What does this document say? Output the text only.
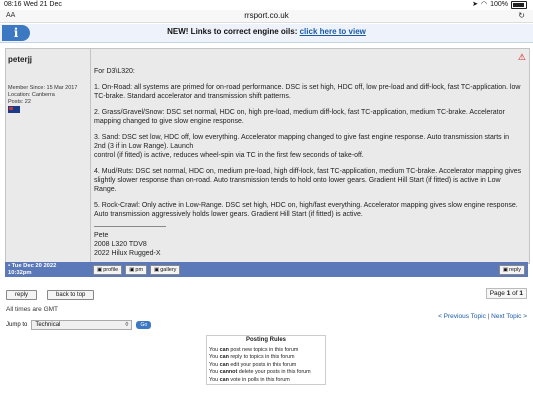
08:16 Wed 21 Dec	➤ ◠ 100%
AA	rrsport.co.uk	↻
i	NEW! Links to correct engine oils: click here to view
peterjj
Member Since: 15 Mar 2017
Location: Canberra
Posts: 22
⚠

For D3\L320:

1. On-Road: all systems are primed for on-road performance. DSC is set high, HDC off, low pre-load and diff-lock, fast TC-application. low TC-brake. Standard accelerator and transmission shift patterns.

2. Grass/Gravel/Snow: DSC set normal, HDC on, high pre-load, medium diff-lock, fast TC-application, medium TC-brake. Accelerator mapping changed to give slow engine response.

3. Sand: DSC set low, HDC off, low everything. Accelerator mapping changed to give fast engine response. Auto transmission starts in 2nd (3 if in Low Range). Launch
control (if fitted) is active, reduces wheel-spin via TC in the first few seconds of take-off.

4. Mud/Ruts: DSC set normal, HDC on, medium pre-load, high diff-lock, fast TC-application, medium TC-brake. Accelerator mapping gives slightly slower response than on-road. Auto transmission tends to hold onto lower gears. Gradient Hill Start (if fitted) is active in Low Range.

5. Rock-Crawl: Only active in Low-Range. DSC set high, HDC on, high/fast everything. Accelerator mapping gives slow engine response. Auto transmission aggressively holds lower gears. Gradient Hill Start (if fitted) is active.

Pete
2008 L320 TDV8
2022 Hilux Rugged-X
▪ Tue Dec 20 2022
10:32pm	▣ profile ▣ pm ▣ gallery	▣ reply
reply	back to top	Page 1 of 1
All times are GMT
< Previous Topic | Next Topic >
Jump to	Technical ◊	Go
Posting Rules
You can post new topics in this forum
You can reply to topics in this forum
You can edit your posts in this forum
You cannot delete your posts in this forum
You can vote in polls in this forum
